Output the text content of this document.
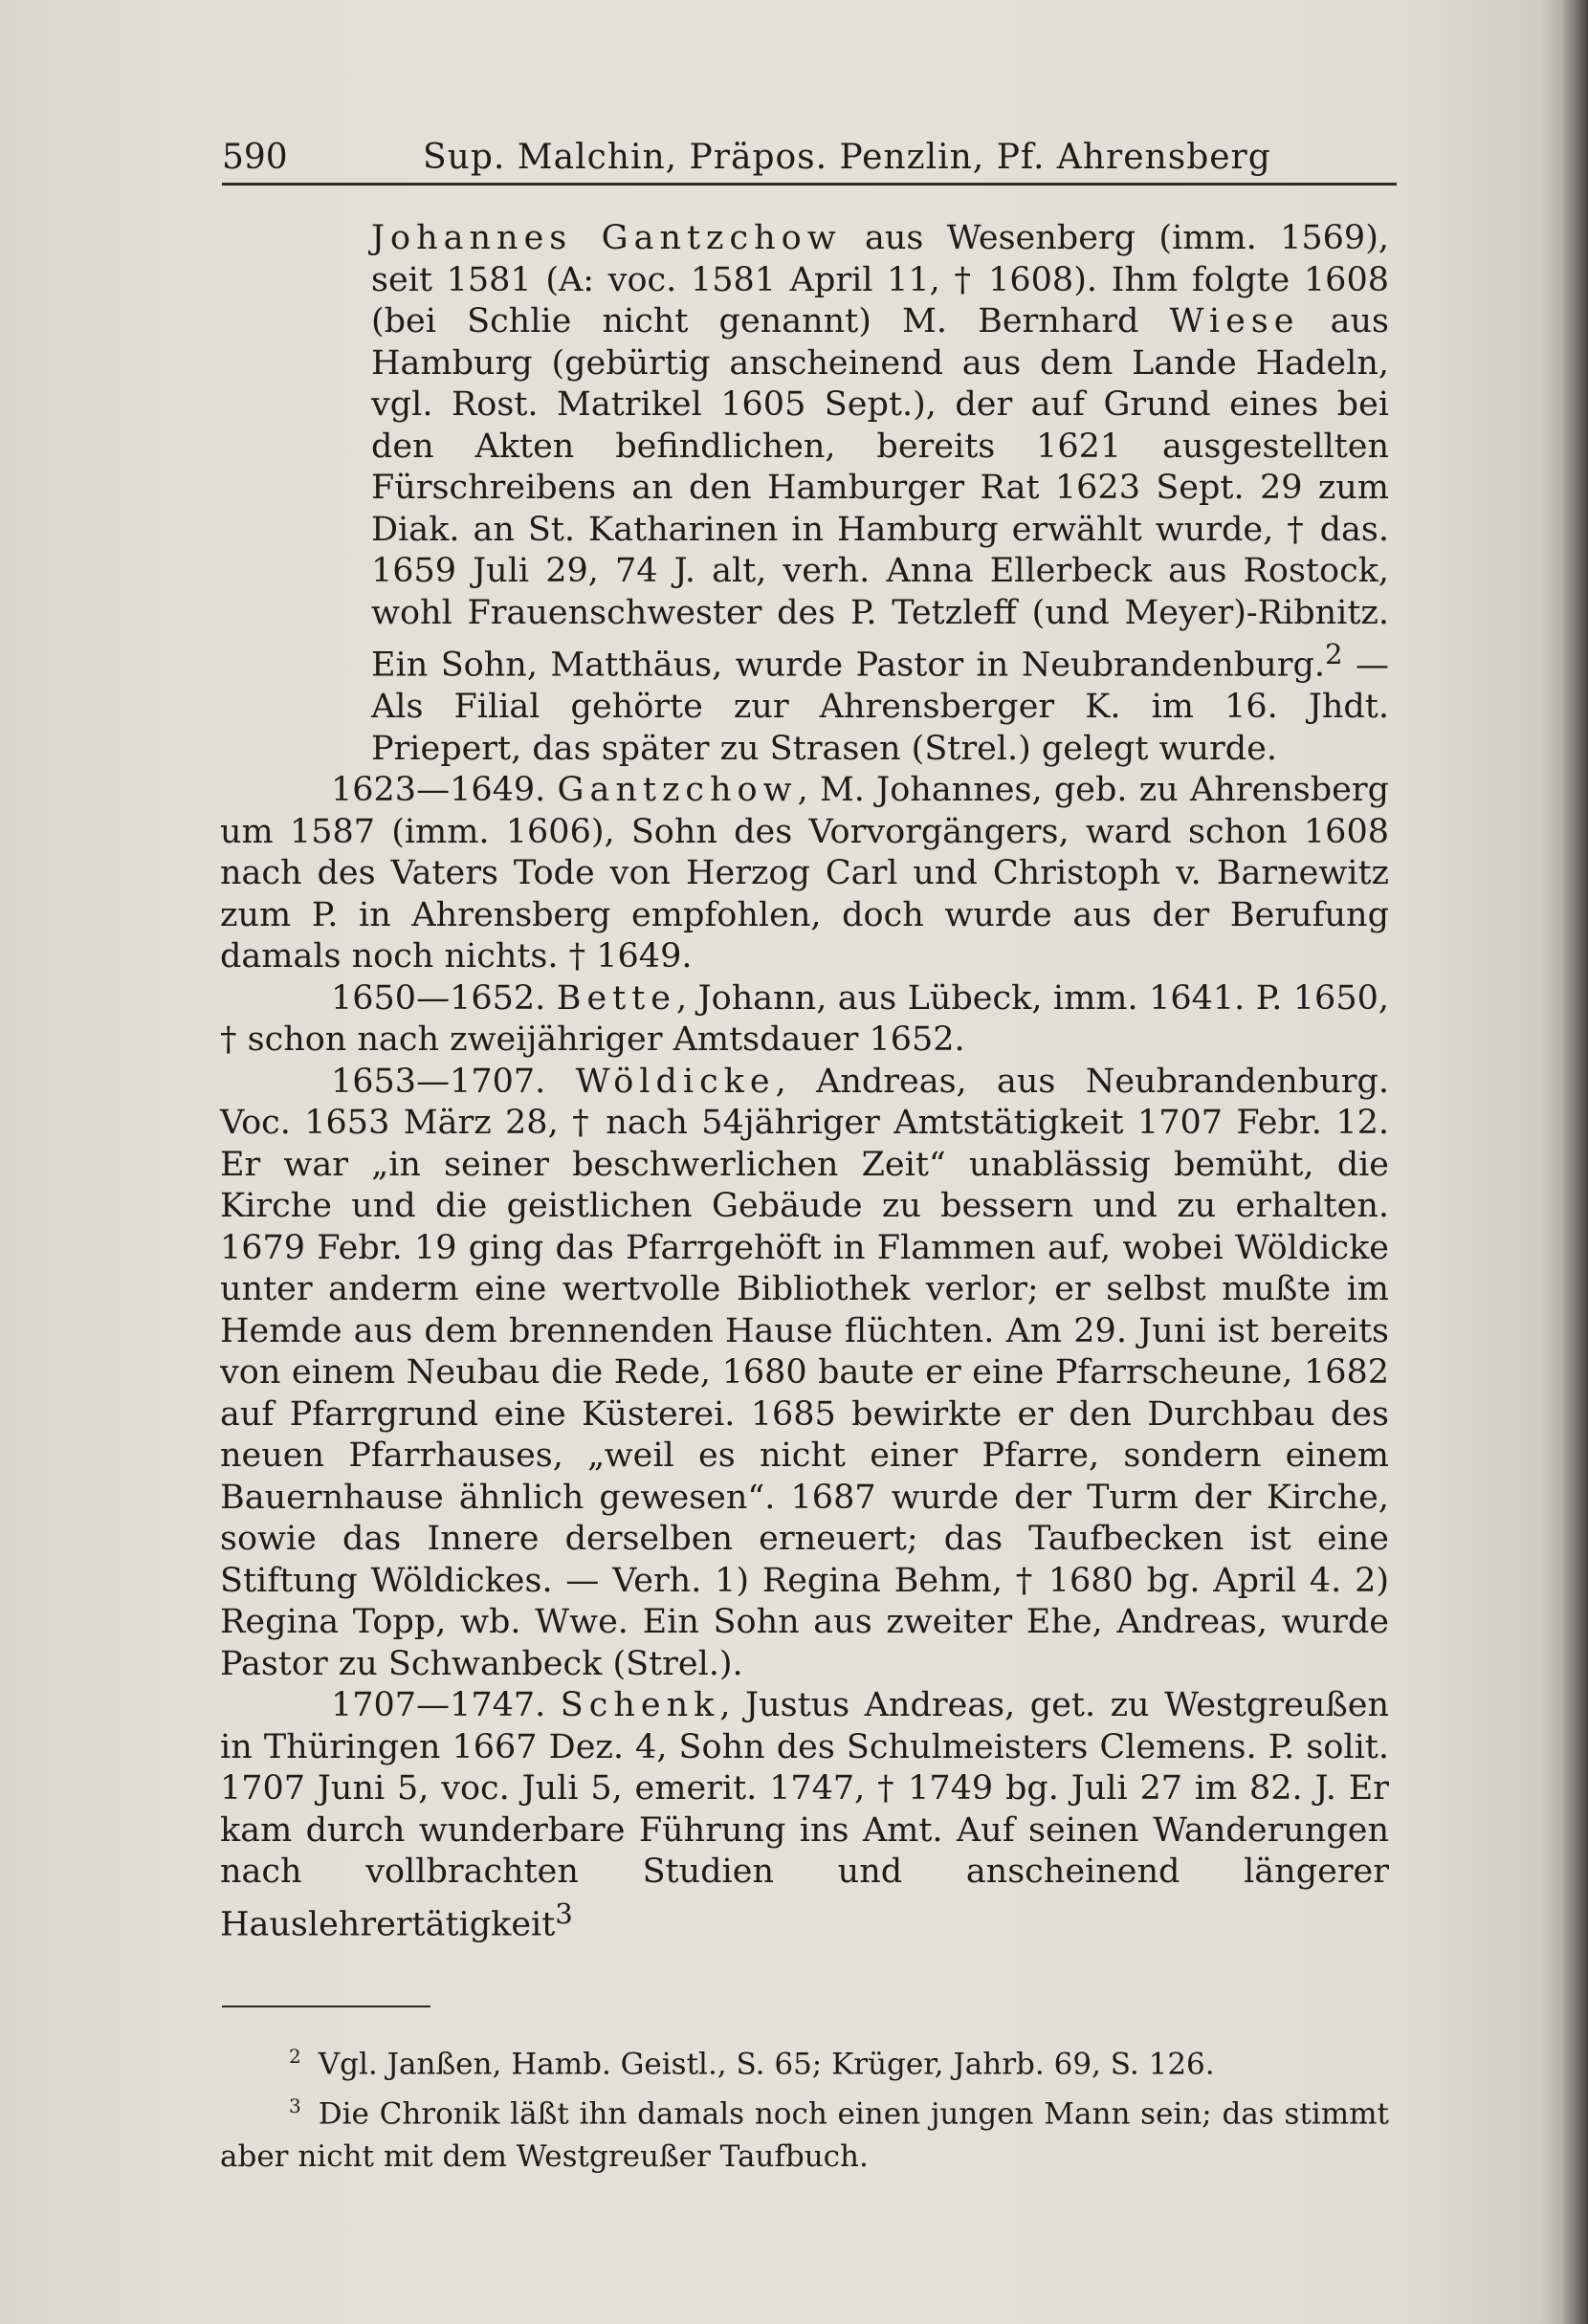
590	Sup. Malchin, Präpos. Penzlin, Pf. Ahrensberg

Johannes Gantzchow aus Wesenberg (imm. 1569), seit 1581 (A: voc. 1581 April 11, † 1608). Ihm folgte 1608 (bei Schlie nicht genannt) M. Bernhard Wiese aus Hamburg (gebürtig anscheinend aus dem Lande Hadeln, vgl. Rost. Matrikel 1605 Sept.), der auf Grund eines bei den Akten befindlichen, bereits 1621 ausgestellten Fürschreibens an den Hamburger Rat 1623 Sept. 29 zum Diak. an St. Katharinen in Hamburg erwählt wurde, † das. 1659 Juli 29, 74 J. alt, verh. Anna Ellerbeck aus Rostock, wohl Frauenschwester des P. Tetzleff (und Meyer)-Ribnitz. Ein Sohn, Matthäus, wurde Pastor in Neubrandenburg.$^2$ — Als Filial gehörte zur Ahrensberger K. im 16. Jhdt. Priepert, das später zu Strasen (Strel.) gelegt wurde.

1623—1649. Gantzchow, M. Johannes, geb. zu Ahrensberg um 1587 (imm. 1606), Sohn des Vorvorgängers, ward schon 1608 nach des Vaters Tode von Herzog Carl und Christoph v. Barnewitz zum P. in Ahrensberg empfohlen, doch wurde aus der Berufung damals noch nichts. † 1649.

1650—1652. Bette, Johann, aus Lübeck, imm. 1641. P. 1650, † schon nach zweijähriger Amtsdauer 1652.

1653—1707. Wöldicke, Andreas, aus Neubrandenburg. Voc. 1653 März 28, † nach 54jähriger Amtstätigkeit 1707 Febr. 12. Er war „in seiner beschwerlichen Zeit“ unablässig bemüht, die Kirche und die geistlichen Gebäude zu bessern und zu erhalten. 1679 Febr. 19 ging das Pfarrgehöft in Flammen auf, wobei Wöldicke unter anderm eine wertvolle Bibliothek verlor; er selbst mußte im Hemde aus dem brennenden Hause flüchten. Am 29. Juni ist bereits von einem Neubau die Rede, 1680 baute er eine Pfarrscheune, 1682 auf Pfarrgrund eine Küsterei. 1685 bewirkte er den Durchbau des neuen Pfarrhauses, „weil es nicht einer Pfarre, sondern einem Bauernhause ähnlich gewesen“. 1687 wurde der Turm der Kirche, sowie das Innere derselben erneuert; das Taufbecken ist eine Stiftung Wöldickes. — Verh. 1) Regina Behm, † 1680 bg. April 4. 2) Regina Topp, wb. Wwe. Ein Sohn aus zweiter Ehe, Andreas, wurde Pastor zu Schwanbeck (Strel.).

1707—1747. Schenk, Justus Andreas, get. zu Westgreußen in Thüringen 1667 Dez. 4, Sohn des Schulmeisters Clemens. P. solit. 1707 Juni 5, voc. Juli 5, emerit. 1747, † 1749 bg. Juli 27 im 82. J. Er kam durch wunderbare Führung ins Amt. Auf seinen Wanderungen nach vollbrachten Studien und anscheinend längerer Hauslehrertätigkeit$^3$

$^2$ Vgl. Janßen, Hamb. Geistl., S. 65; Krüger, Jahrb. 69, S. 126.

$^3$ Die Chronik läßt ihn damals noch einen jungen Mann sein; das stimmt aber nicht mit dem Westgreußer Taufbuch.
